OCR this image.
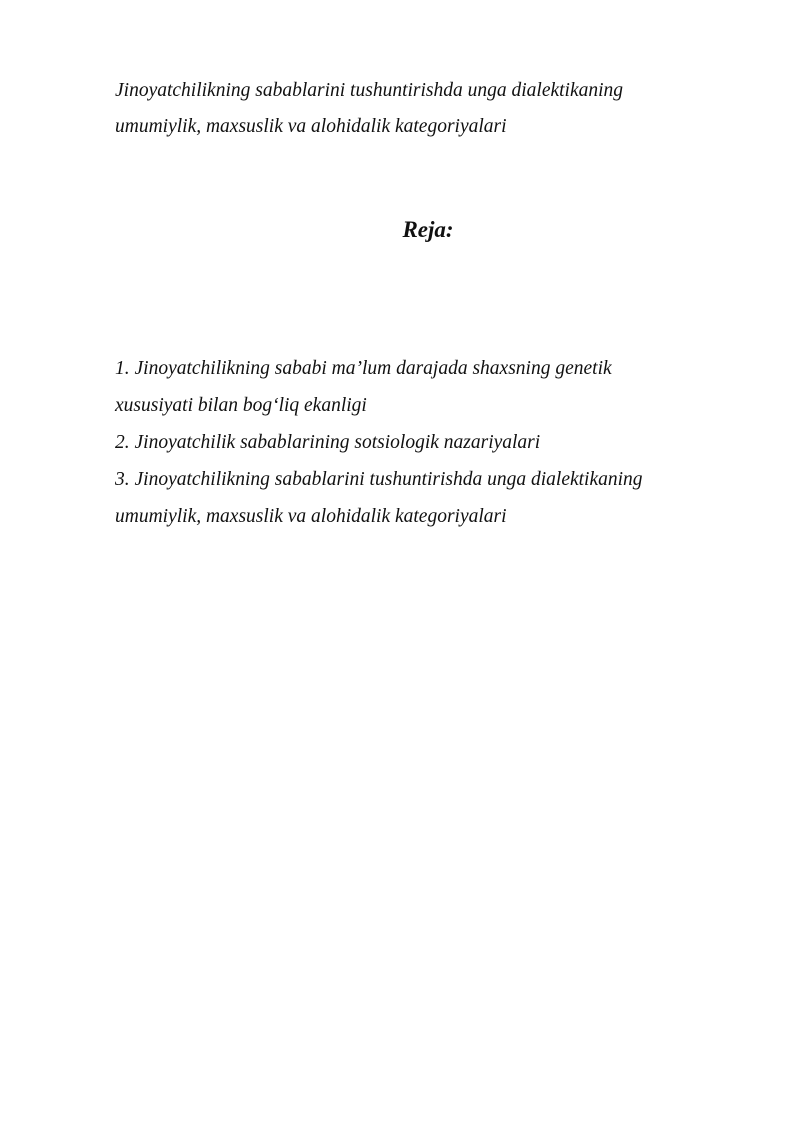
Jinoyatchilikning sabablarini tushuntirishda unga dialektikaning
umumiylik, maxsuslik va alohidalik kategoriyalari
Reja:
1. Jinoyatchilikning sababi ma’lum darajada shaxsning genetik
xususiyati bilan bog‘liq ekanligi
2. Jinoyatchilik sabablarining sotsiologik nazariyalari
3. Jinoyatchilikning sabablarini tushuntirishda unga dialektikaning
umumiylik, maxsuslik va alohidalik kategoriyalari
